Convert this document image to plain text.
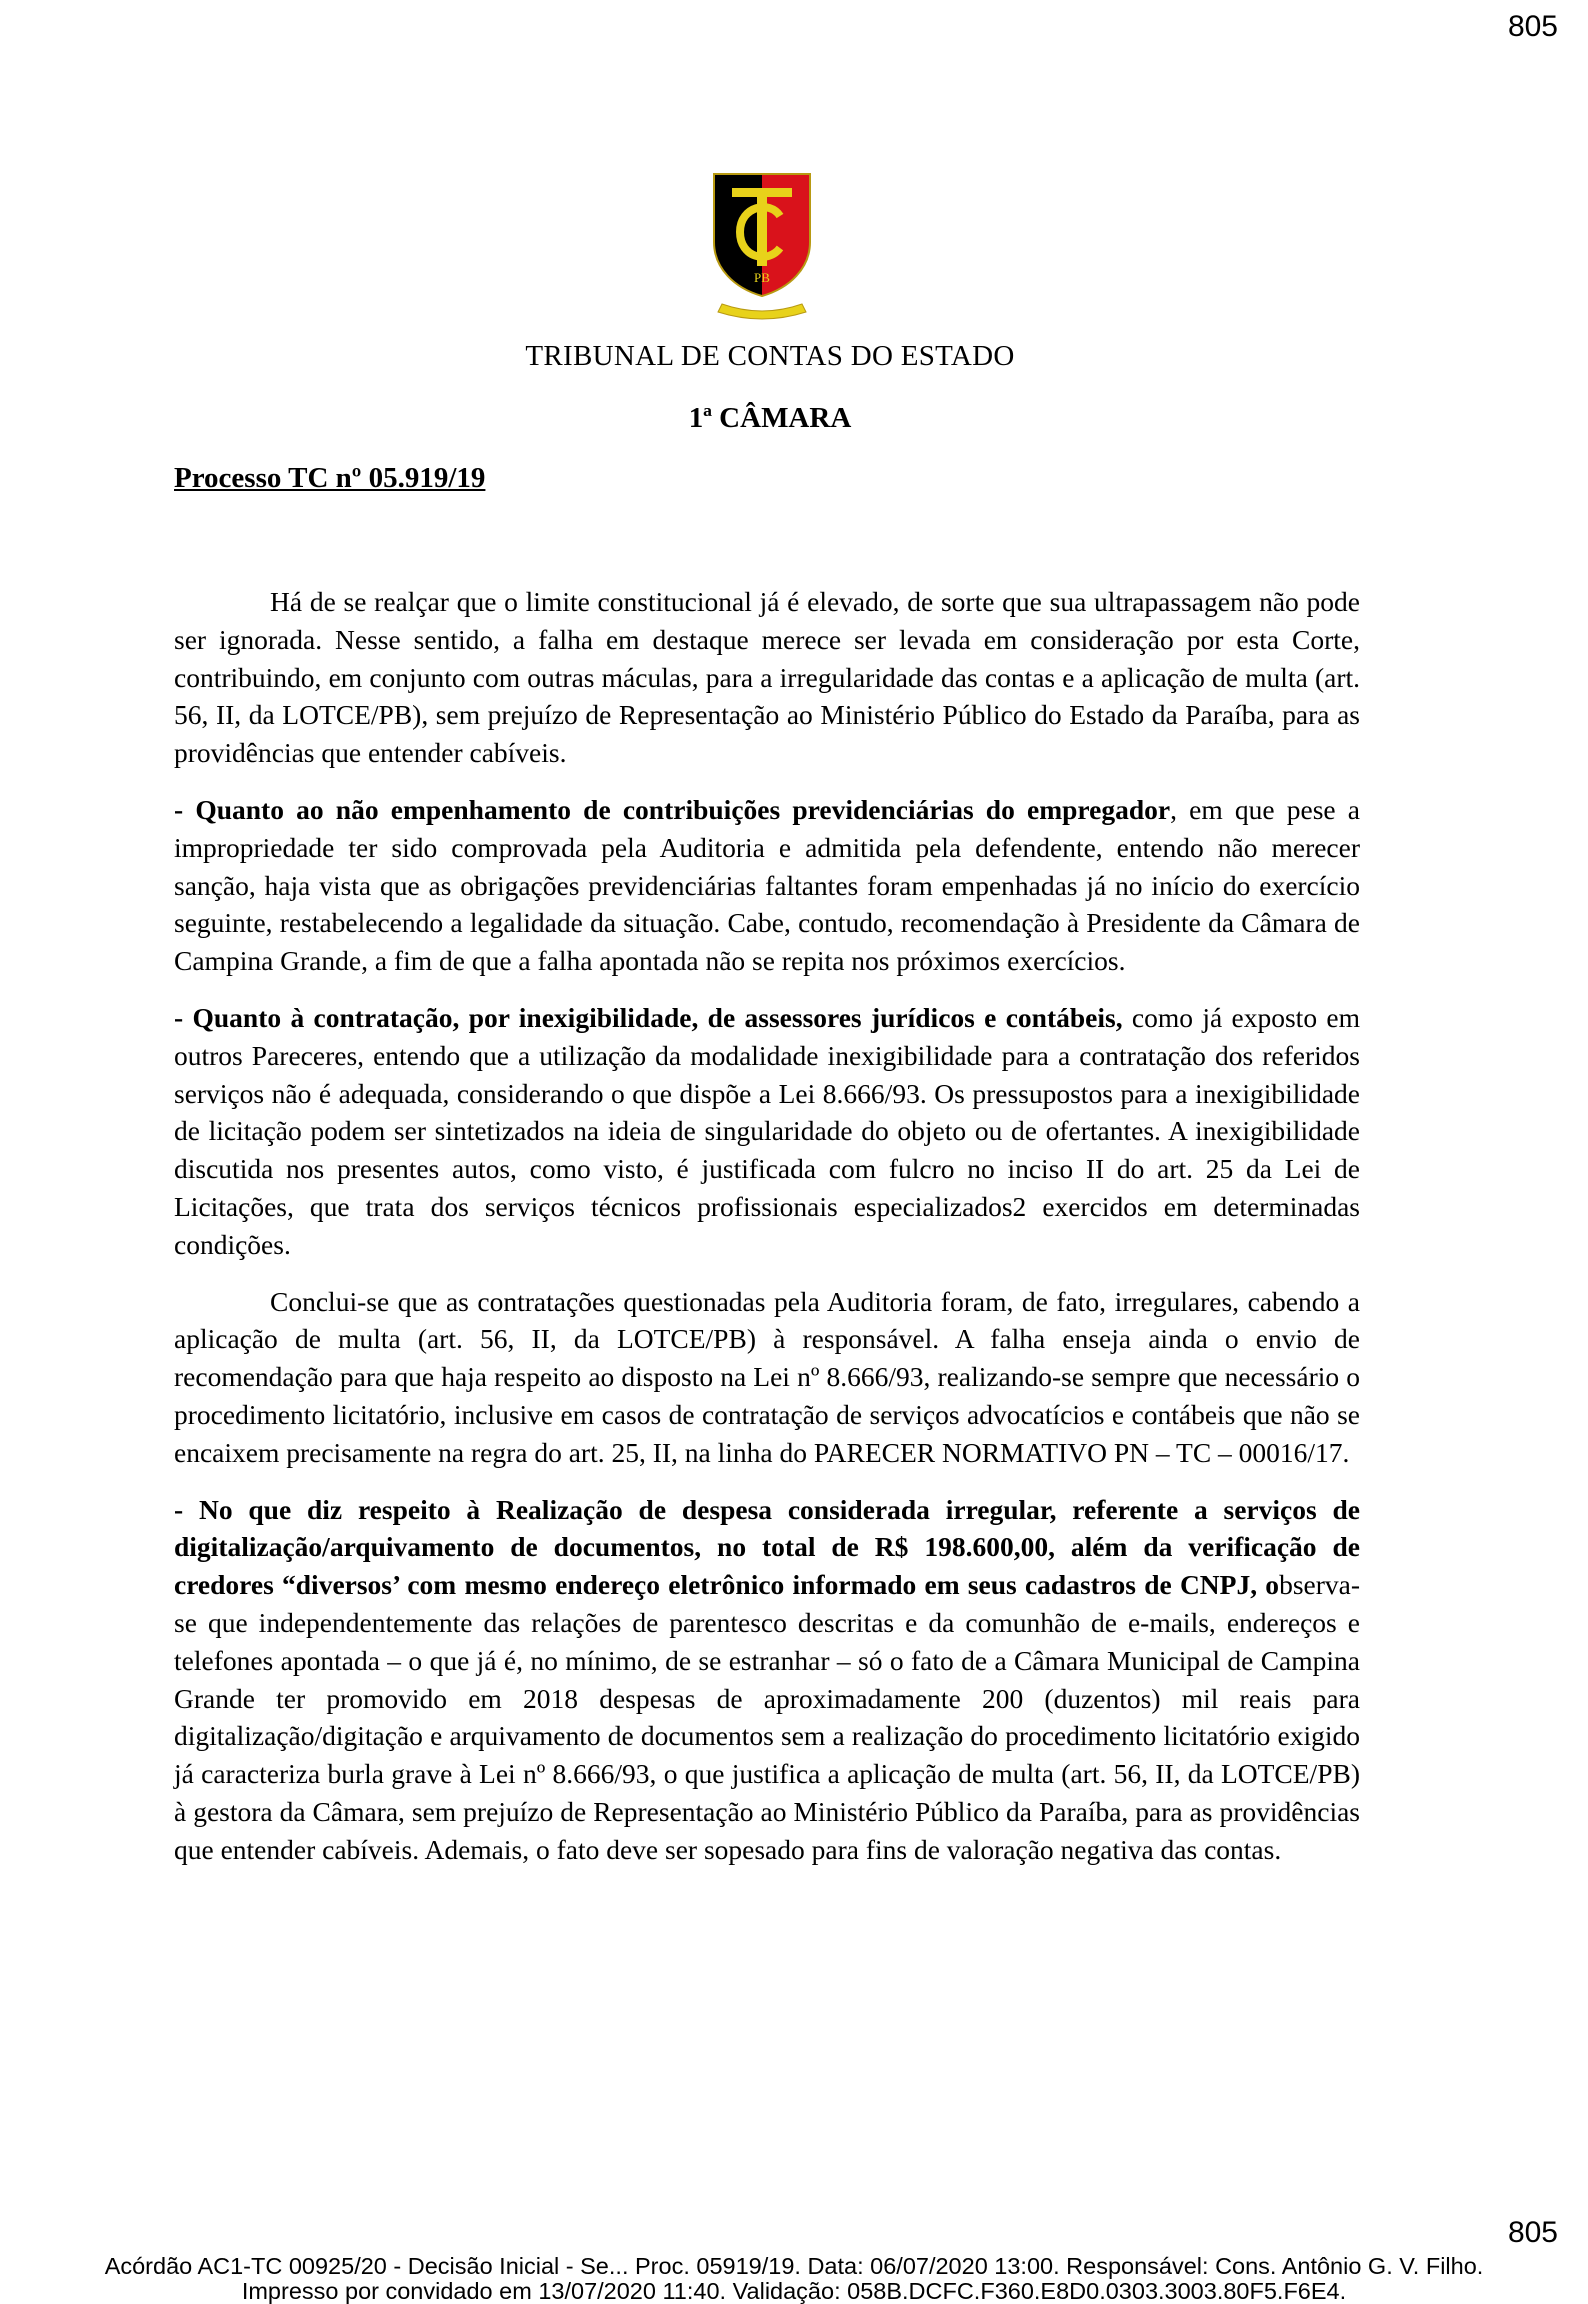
805
PB
TRIBUNAL DE CONTAS DO ESTADO
1ª CÂMARA
Processo TC nº 05.919/19

Há de se realçar que o limite constitucional já é elevado, de sorte que sua ultrapassagem não pode ser ignorada. Nesse sentido, a falha em destaque merece ser levada em consideração por esta Corte, contribuindo, em conjunto com outras máculas, para a irregularidade das contas e a aplicação de multa (art. 56, II, da LOTCE/PB), sem prejuízo de Representação ao Ministério Público do Estado da Paraíba, para as providências que entender cabíveis.

- Quanto ao não empenhamento de contribuições previdenciárias do empregador, em que pese a impropriedade ter sido comprovada pela Auditoria e admitida pela defendente, entendo não merecer sanção, haja vista que as obrigações previdenciárias faltantes foram empenhadas já no início do exercício seguinte, restabelecendo a legalidade da situação. Cabe, contudo, recomendação à Presidente da Câmara de Campina Grande, a fim de que a falha apontada não se repita nos próximos exercícios.

- Quanto à contratação, por inexigibilidade, de assessores jurídicos e contábeis, como já exposto em outros Pareceres, entendo que a utilização da modalidade inexigibilidade para a contratação dos referidos serviços não é adequada, considerando o que dispõe a Lei 8.666/93. Os pressupostos para a inexigibilidade de licitação podem ser sintetizados na ideia de singularidade do objeto ou de ofertantes. A inexigibilidade discutida nos presentes autos, como visto, é justificada com fulcro no inciso II do art. 25 da Lei de Licitações, que trata dos serviços técnicos profissionais especializados2 exercidos em determinadas condições.

Conclui-se que as contratações questionadas pela Auditoria foram, de fato, irregulares, cabendo a aplicação de multa (art. 56, II, da LOTCE/PB) à responsável. A falha enseja ainda o envio de recomendação para que haja respeito ao disposto na Lei nº 8.666/93, realizando-se sempre que necessário o procedimento licitatório, inclusive em casos de contratação de serviços advocatícios e contábeis que não se encaixem precisamente na regra do art. 25, II, na linha do PARECER NORMATIVO PN – TC – 00016/17.

- No que diz respeito à Realização de despesa considerada irregular, referente a serviços de digitalização/arquivamento de documentos, no total de R$ 198.600,00, além da verificação de credores “diversos’ com mesmo endereço eletrônico informado em seus cadastros de CNPJ, observa-se que independentemente das relações de parentesco descritas e da comunhão de e-mails, endereços e telefones apontada – o que já é, no mínimo, de se estranhar – só o fato de a Câmara Municipal de Campina Grande ter promovido em 2018 despesas de aproximadamente 200 (duzentos) mil reais para digitalização/digitação e arquivamento de documentos sem a realização do procedimento licitatório exigido já caracteriza burla grave à Lei nº 8.666/93, o que justifica a aplicação de multa (art. 56, II, da LOTCE/PB) à gestora da Câmara, sem prejuízo de Representação ao Ministério Público da Paraíba, para as providências que entender cabíveis. Ademais, o fato deve ser sopesado para fins de valoração negativa das contas.

805
Acórdão AC1-TC 00925/20 - Decisão Inicial - Se... Proc. 05919/19. Data: 06/07/2020 13:00. Responsável: Cons. Antônio G. V. Filho.
Impresso por convidado em 13/07/2020 11:40. Validação: 058B.DCFC.F360.E8D0.0303.3003.80F5.F6E4.
